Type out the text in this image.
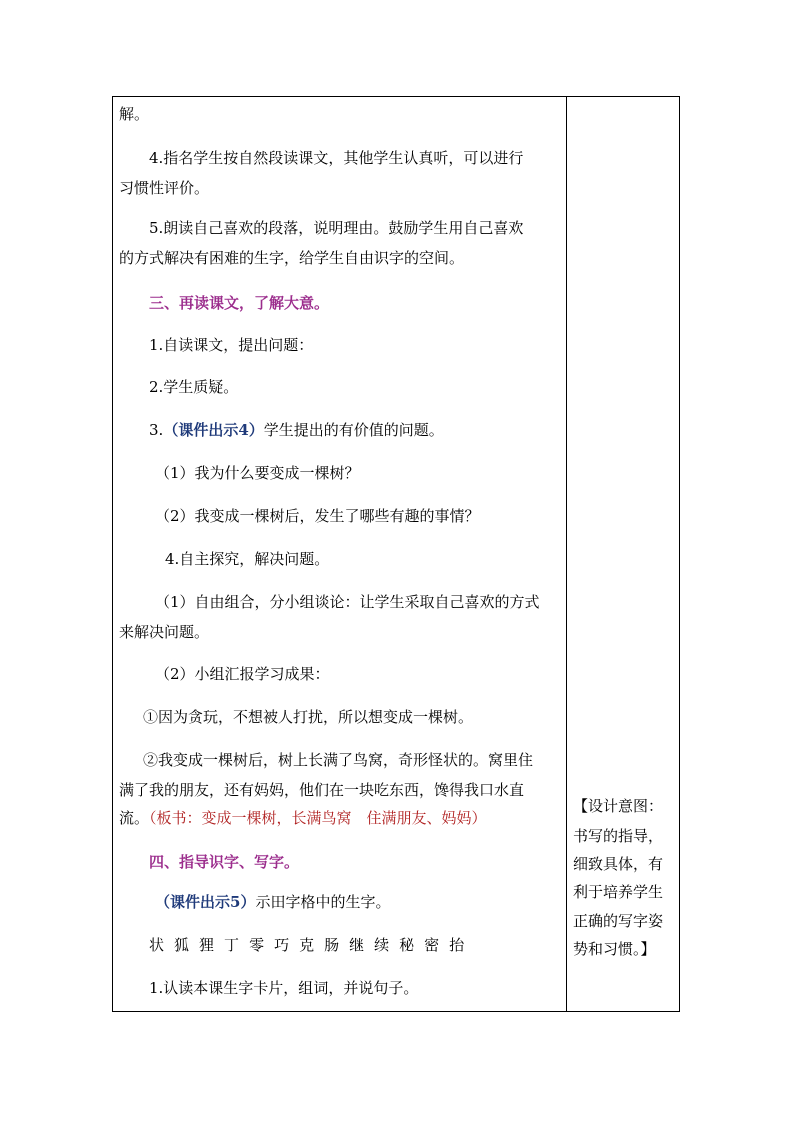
解。
4.指名学生按自然段读课文，其他学生认真听，可以进行
习惯性评价。
5.朗读自己喜欢的段落，说明理由。鼓励学生用自己喜欢
的方式解决有困难的生字，给学生自由识字的空间。
三、再读课文，了解大意。
1.自读课文，提出问题：
2.学生质疑。
3.（课件出示4）学生提出的有价值的问题。
（1）我为什么要变成一棵树？
（2）我变成一棵树后，发生了哪些有趣的事情？
4.自主探究，解决问题。
（1）自由组合，分小组谈论：让学生采取自己喜欢的方式
来解决问题。
（2）小组汇报学习成果：
①因为贪玩，不想被人打扰，所以想变成一棵树。
②我变成一棵树后，树上长满了鸟窝，奇形怪状的。窝里住
满了我的朋友，还有妈妈，他们在一块吃东西，馋得我口水直
流。（板书：变成一棵树，长满鸟窝　住满朋友、妈妈）
四、指导识字、写字。
（课件出示5）示田字格中的生字。
状 狐 狸 丁 零 巧 克 肠 继 续 秘 密 抬
1.认读本课生字卡片，组词，并说句子。
【设计意图：
书写的指导，
细致具体，有
利于培养学生
正确的写字姿
势和习惯。】
